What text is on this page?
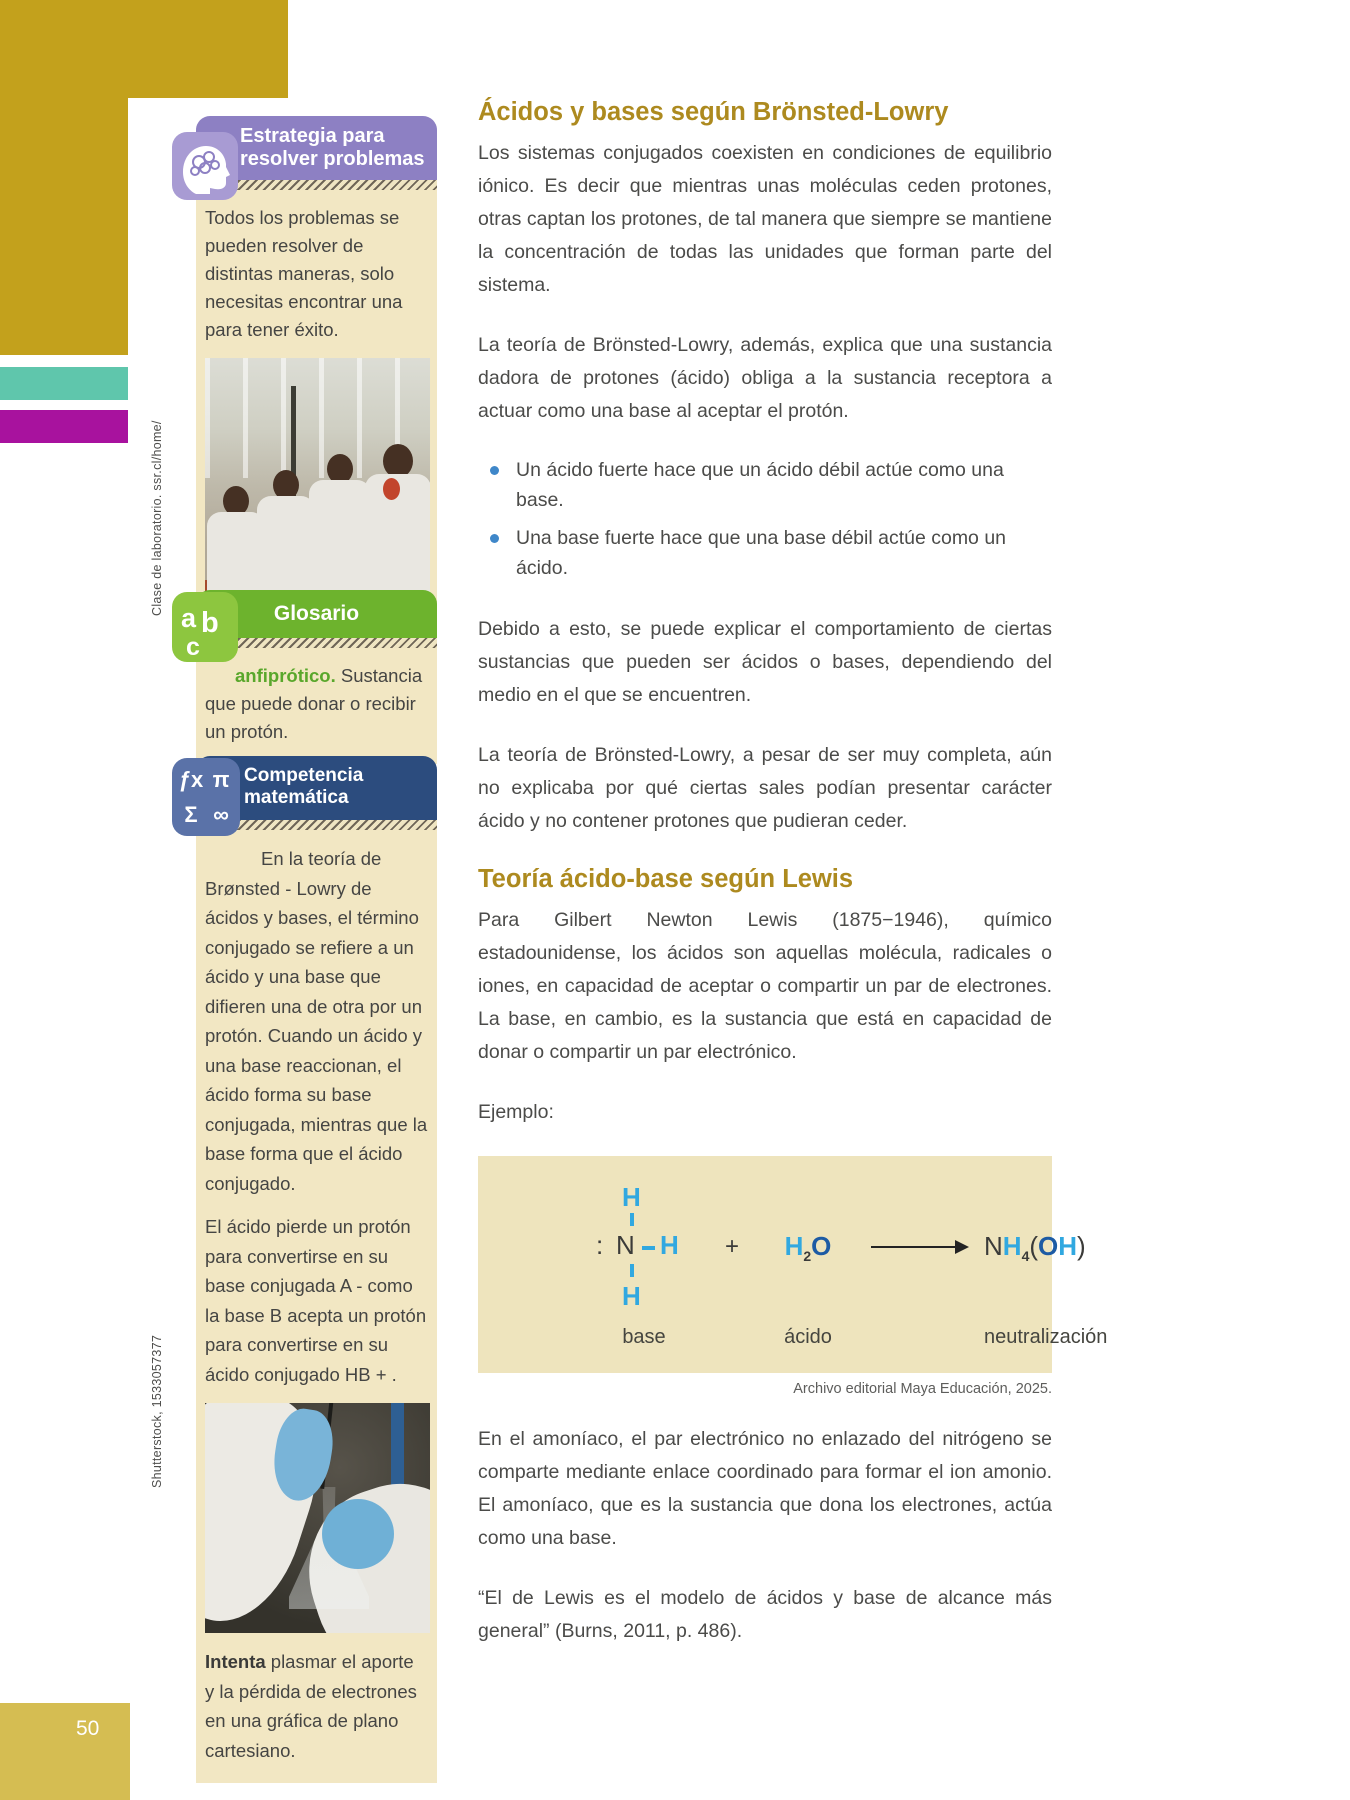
50
Estrategia para
resolver problemas

Todos los problemas se pueden resolver de distintas maneras, solo necesitas encontrar una para tener éxito.

Clase de laboratorio. ssr.cl/home/
a b
c
Glosario

anfiprótico. Sustancia que puede donar o recibir un protón.

ƒx π
Σ ∞
Competencia
matemática

En la teoría de Brønsted - Lowry de ácidos y bases, el término conjugado se refiere a un ácido y una base que difieren una de otra por un protón. Cuando un ácido y una base reaccionan, el ácido forma su base conjugada, mientras que la base forma que el ácido conjugado.

El ácido pierde un protón para convertirse en su base conjugada A - como la base B acepta un protón para convertirse en su ácido conjugado HB + .

Intenta plasmar el aporte y la pérdida de electrones en una gráfica de plano cartesiano.

Shutterstock, 1533057377
Ácidos y bases según Brönsted-Lowry

Los sistemas conjugados coexisten en condiciones de equilibrio iónico. Es decir que mientras unas moléculas ceden protones, otras captan los protones, de tal manera que siempre se mantiene la concentración de todas las unidades que forman parte del sistema.

La teoría de Brönsted-Lowry, además, explica que una sustancia dadora de protones (ácido) obliga a la sustancia receptora a actuar como una base al aceptar el protón.

Un ácido fuerte hace que un ácido débil actúe como una base.
Una base fuerte hace que una base débil actúe como un ácido.

Debido a esto, se puede explicar el comportamiento de ciertas sustancias que pueden ser ácidos o bases, dependiendo del medio en el que se encuentren.

La teoría de Brönsted-Lowry, a pesar de ser muy completa, aún no explicaba por qué ciertas sales podían presentar carácter ácido y no contener protones que pudieran ceder.

Teoría ácido-base según Lewis

Para Gilbert Newton Lewis (1875−1946), químico estadounidense, los ácidos son aquellas molécula, radicales o iones, en capacidad de aceptar o compartir un par de electrones. La base, en cambio, es la sustancia que está en capacidad de donar o compartir un par electrónico.

Ejemplo:

H
: N H
H
+	H2O	NH4(OH)
base	ácido	neutralización
Archivo editorial Maya Educación, 2025.

En el amoníaco, el par electrónico no enlazado del nitrógeno se comparte mediante enlace coordinado para formar el ion amonio. El amoníaco, que es la sustancia que dona los electrones, actúa como una base.

“El de Lewis es el modelo de ácidos y base de alcance más general” (Burns, 2011, p. 486).
